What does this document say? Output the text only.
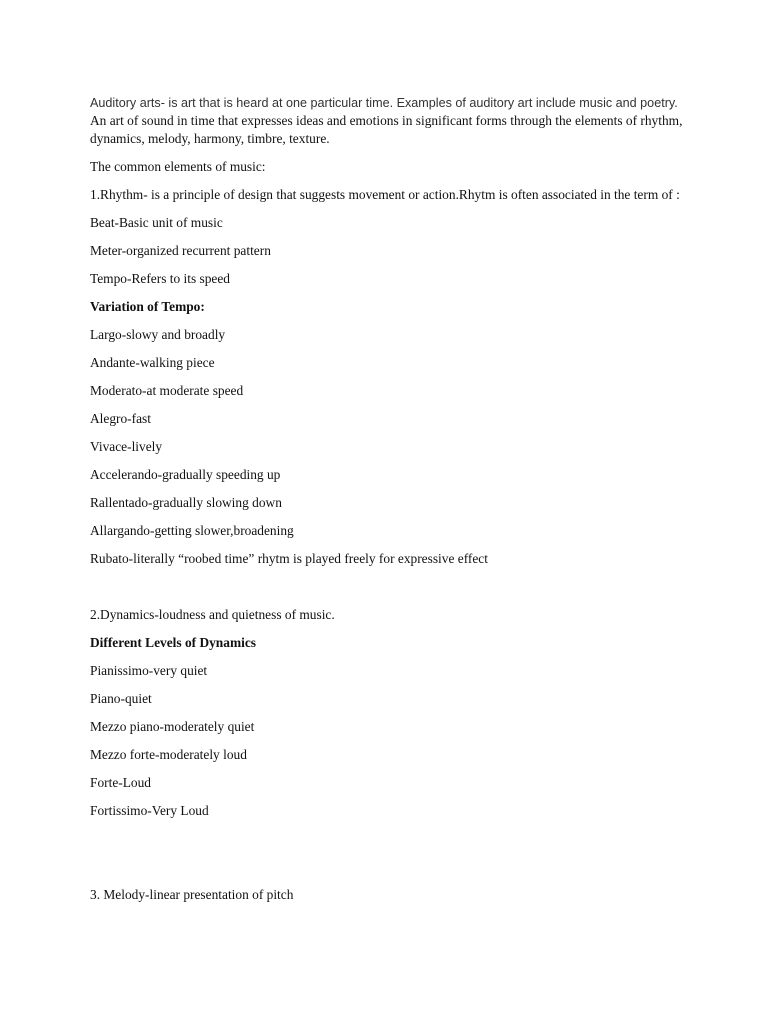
Auditory arts- is art that is heard at one particular time. Examples of auditory art include music and poetry. An art of sound in time that expresses ideas and emotions in significant forms through the elements of rhythm, dynamics, melody, harmony, timbre, texture.

The common elements of music:

1.Rhythm- is a principle of design that suggests movement or action.Rhytm is often associated in the term of :

Beat-Basic unit of music

Meter-organized recurrent pattern

Tempo-Refers to its speed

Variation of Tempo:

Largo-slowy and broadly

Andante-walking piece

Moderato-at moderate speed

Alegro-fast

Vivace-lively

Accelerando-gradually speeding up

Rallentado-gradually slowing down

Allargando-getting slower,broadening

Rubato-literally “roobed time” rhytm is played freely for expressive effect

2.Dynamics-loudness and quietness of music.

Different Levels of Dynamics

Pianissimo-very quiet

Piano-quiet

Mezzo piano-moderately quiet

Mezzo forte-moderately loud

Forte-Loud

Fortissimo-Very Loud

3. Melody-linear presentation of pitch
